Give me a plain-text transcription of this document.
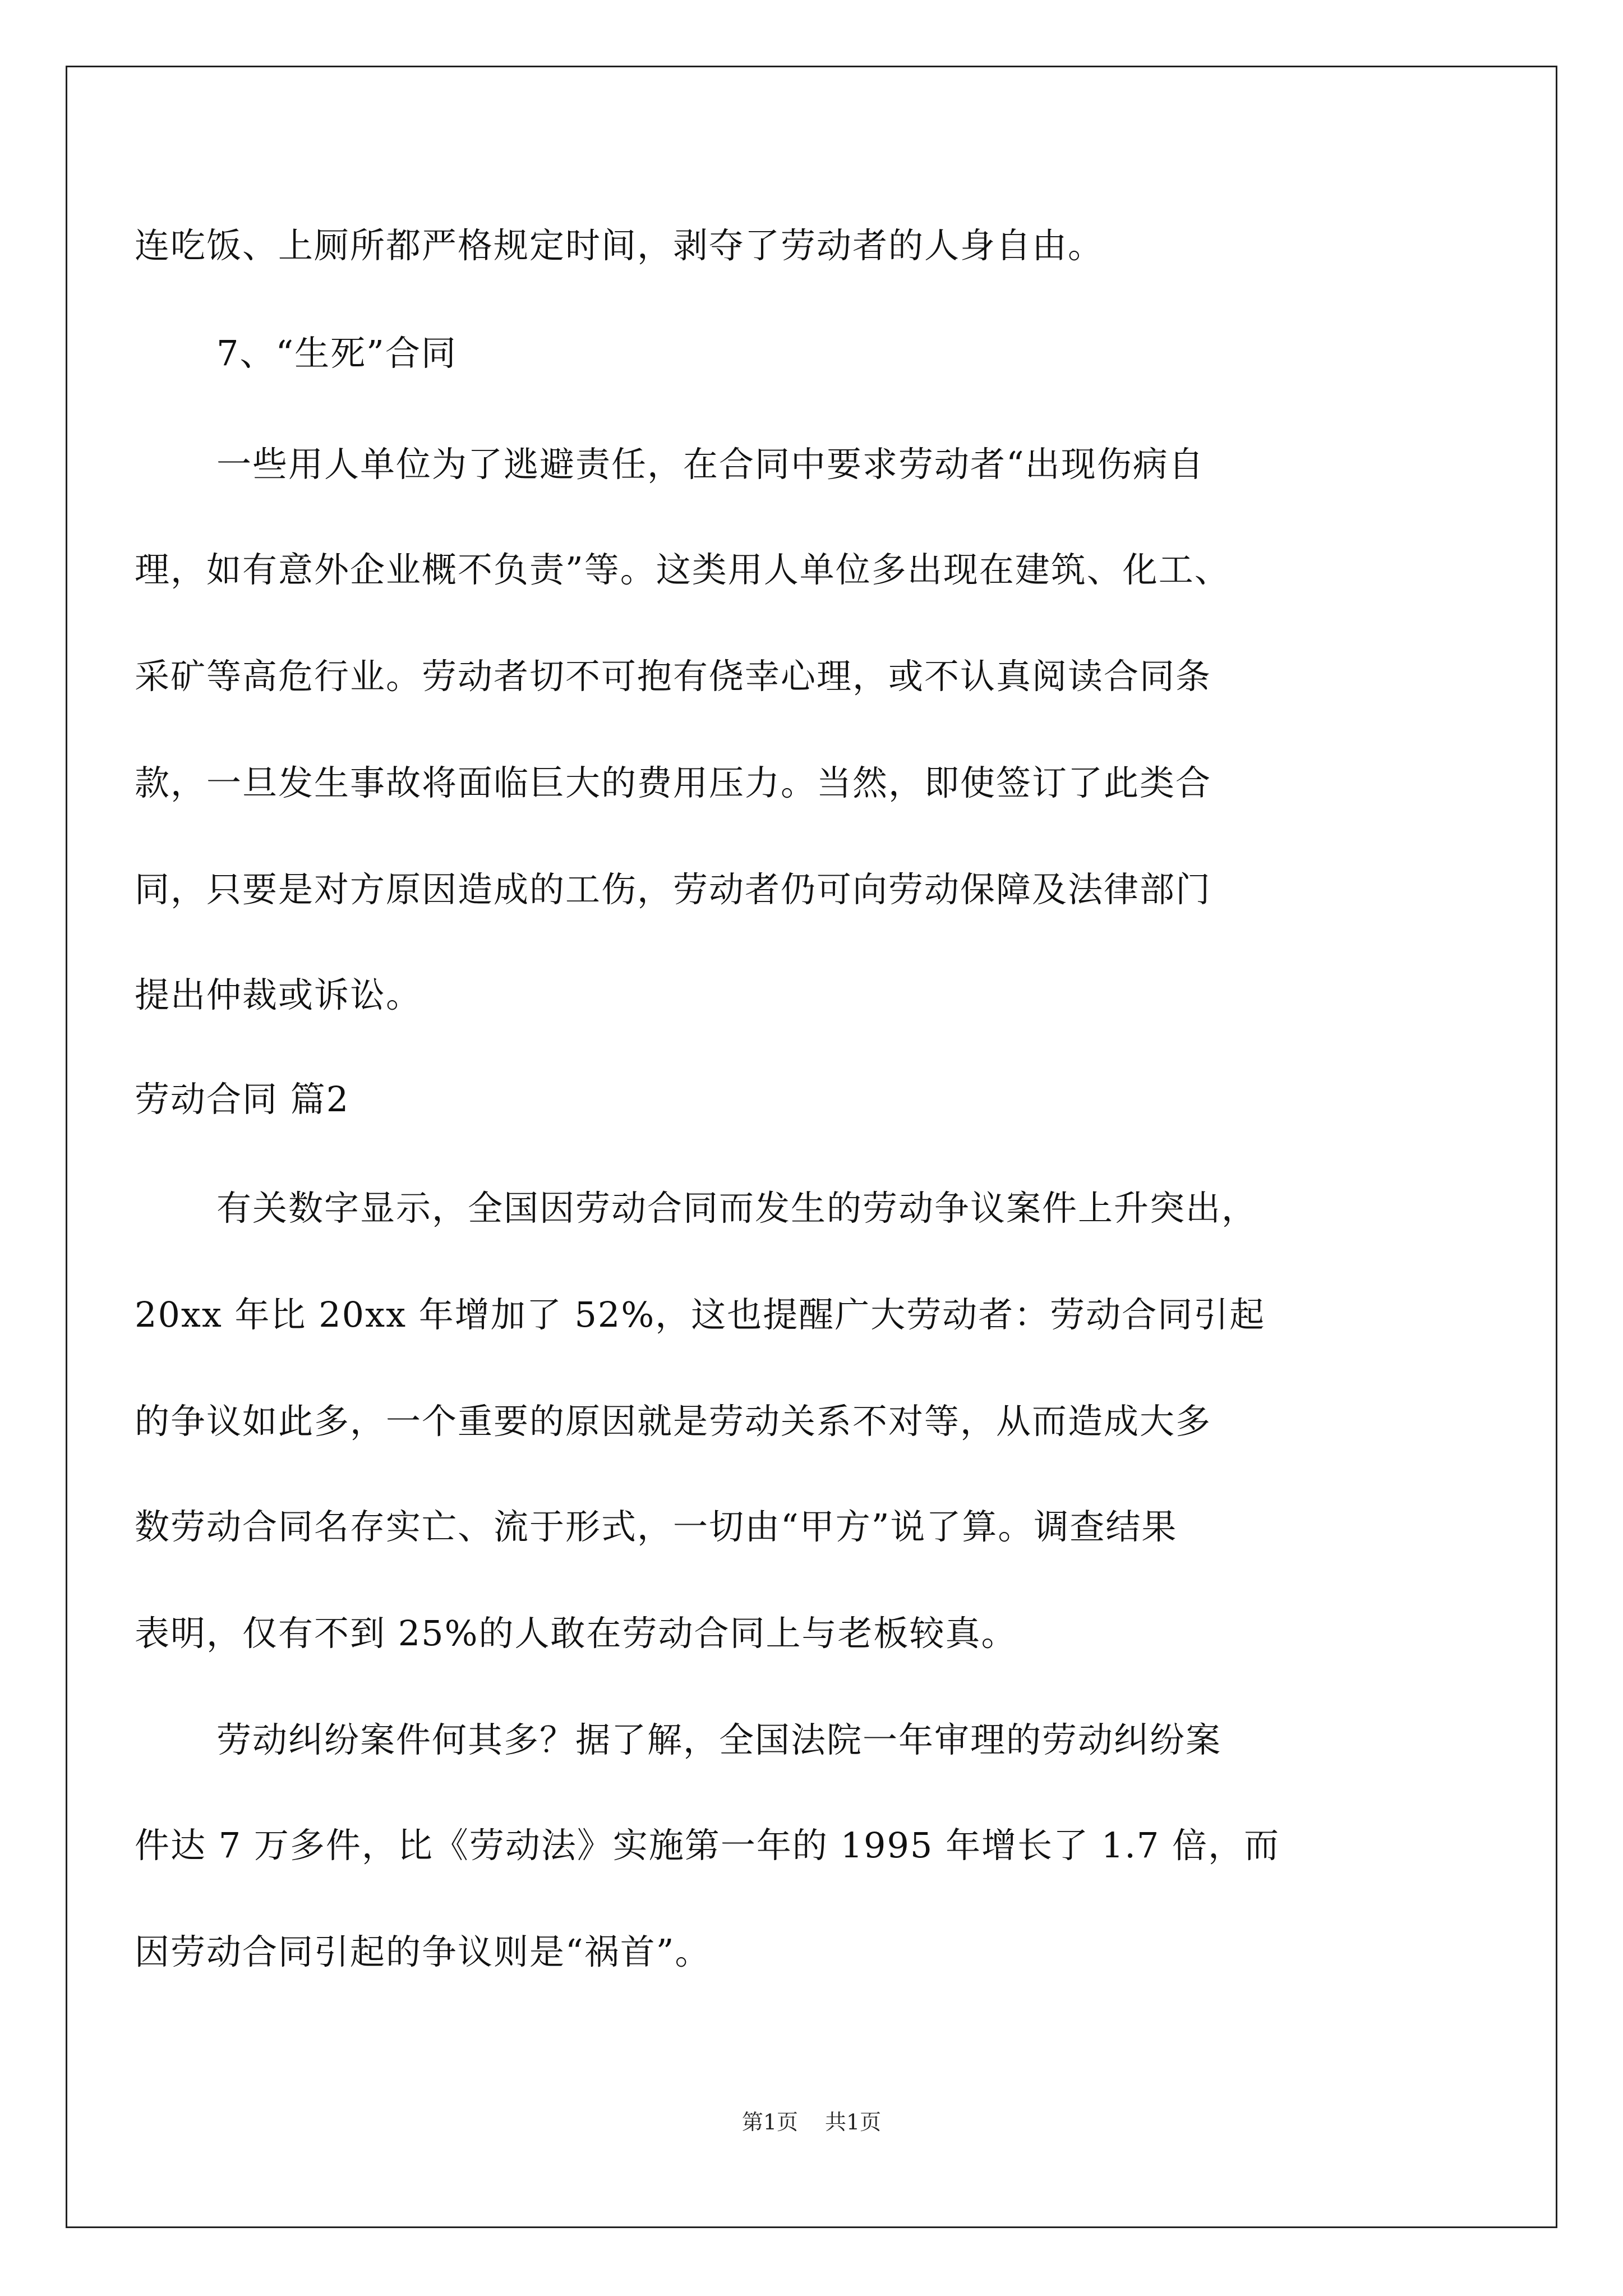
连吃饭、上厕所都严格规定时间，剥夺了劳动者的人身自由。
7、“生死”合同
一些用人单位为了逃避责任，在合同中要求劳动者“出现伤病自
理，如有意外企业概不负责”等。这类用人单位多出现在建筑、化工、
采矿等高危行业。劳动者切不可抱有侥幸心理，或不认真阅读合同条
款，一旦发生事故将面临巨大的费用压力。当然，即使签订了此类合
同，只要是对方原因造成的工伤，劳动者仍可向劳动保障及法律部门
提出仲裁或诉讼。
劳动合同 篇2
有关数字显示，全国因劳动合同而发生的劳动争议案件上升突出，
20xx 年比 20xx 年增加了 52%，这也提醒广大劳动者：劳动合同引起
的争议如此多，一个重要的原因就是劳动关系不对等，从而造成大多
数劳动合同名存实亡、流于形式，一切由“甲方”说了算。调查结果
表明，仅有不到 25%的人敢在劳动合同上与老板较真。
劳动纠纷案件何其多？据了解，全国法院一年审理的劳动纠纷案
件达 7 万多件，比《劳动法》实施第一年的 1995 年增长了 1.7 倍，而
因劳动合同引起的争议则是“祸首”。
第1页 共1页
